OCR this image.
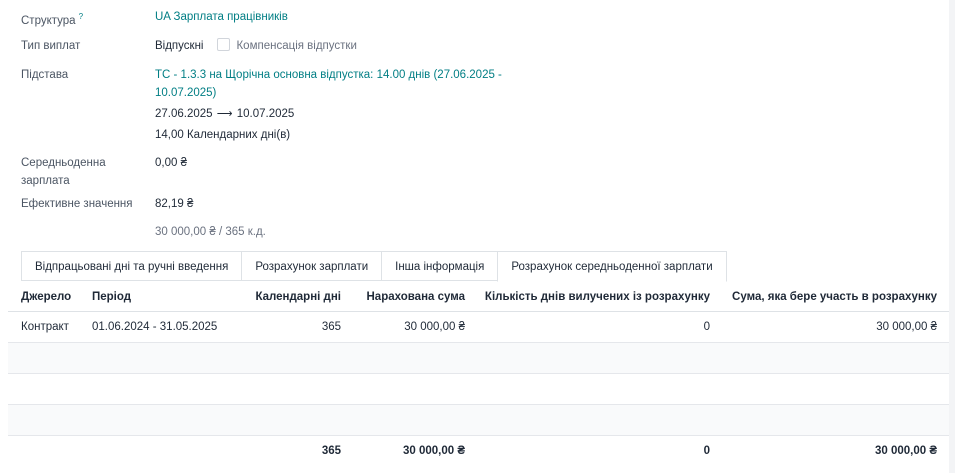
Структура ?	UA Зарплата працівників
Тип виплат	Відпускні	Компенсація відпустки
Підстава	ТС - 1.3.3 на Щорічна основна відпустка: 14.00 днів (27.06.2025 -
10.07.2025)
27.06.2025 ⟶ 10.07.2025
14,00 Календарних дні(в)
Середньоденна
зарплата
0,00 ₴
Ефективне значення	82,19 ₴
30 000,00 ₴ / 365 к.д.
Відпрацьовані дні та ручні введення	Розрахунок зарплати	Інша інформація	Розрахунок середньоденної зарплати
Джерело	Період	Календарні дні	Нарахована сума	Кількість днів вилучених із розрахунку	Сума, яка бере участь в розрахунку
Контракт	01.06.2024 - 31.05.2025	365	30 000,00 ₴	0	30 000,00 ₴

		365	30 000,00 ₴	0	30 000,00 ₴
